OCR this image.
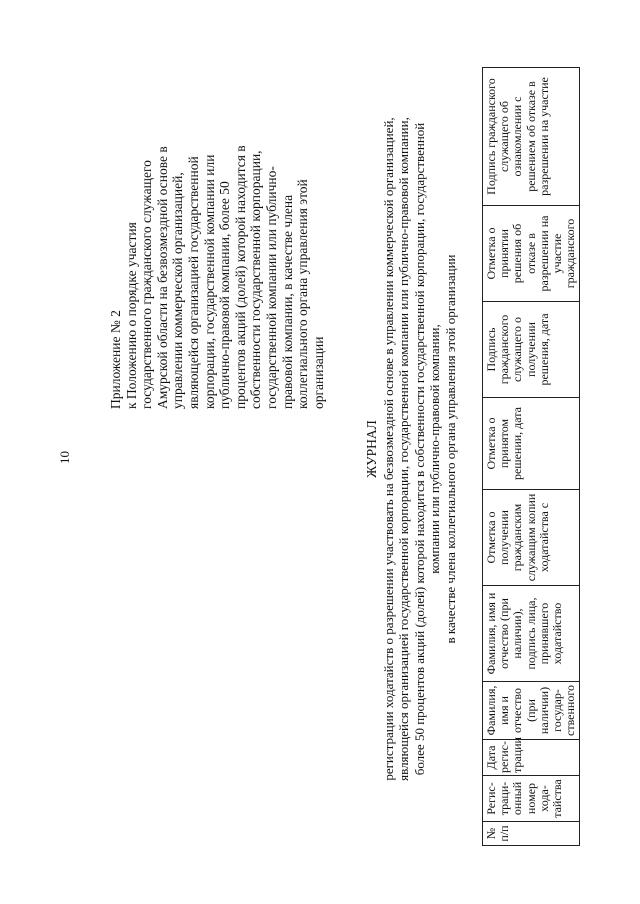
10
Приложение № 2 к Положению о порядке участия государственного гражданского служащего Амурской области на безвозмездной основе в управлении коммерческой организацией, являющейся организацией государственной корпорации, государственной компании или публично-правовой компании, более 50 процентов акций (долей) которой находится в собственности государственной корпорации, государственной компании или публично- правовой компании, в качестве члена коллегиального органа управления этой организации
ЖУРНАЛ регистрации ходатайств о разрешении участвовать на безвозмездной основе в управлении коммерческой организацией, являющейся организацией государственной корпорации, государственной компании или публично-правовой компании, более 50 процентов акций (долей) которой находится в собственности государственной корпорации, государственной компании или публично-правовой компании, в качестве члена коллегиального органа управления этой организации
№ п/п	Регис-траци-онный номер хода-тайства	Дата регис-трации	Фамилия, имя и отчество (при наличии) государ-ственного	Фамилия, имя и отчество (при наличии), подпись лица, принявшего ходатайство	Отметка о получении гражданским служащим копии ходатайства с	Отметка о принятом решении, дата	Подпись гражданского служащего о получении решения, дата	Отметка о принятии решения об отказе в разрешении на участие гражданского	Подпись гражданского служащего об ознакомлении с решением об отказе в разрешении на участие
